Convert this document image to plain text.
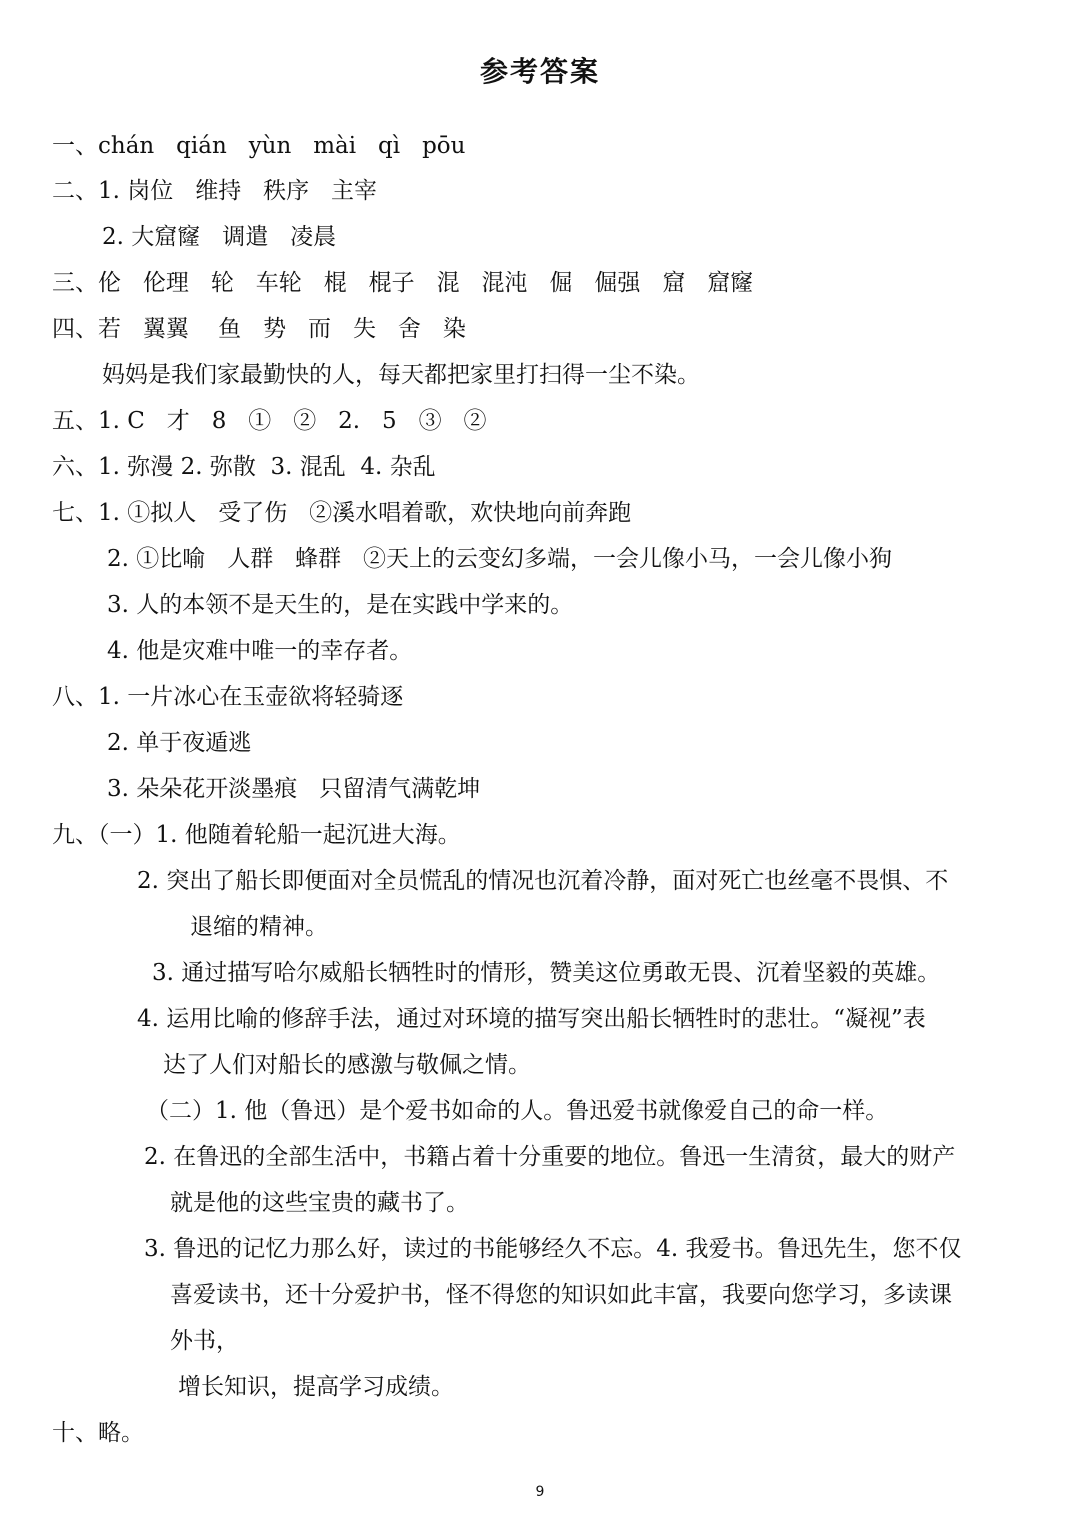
参考答案
一、chán   qián   yùn   mài   qì   pōu
二、1. 岗位   维持   秩序   主宰
2. 大窟窿   调遣   凌晨
三、伦   伦理   轮   车轮   棍   棍子   混   混沌   倔   倔强   窟   窟窿
四、若   翼翼    鱼   势   而   失   舍   染
妈妈是我们家最勤快的人，每天都把家里打扫得一尘不染。
五、1. C   才   8   ①   ②   2.   5   ③   ②
六、1. 弥漫 2. 弥散  3. 混乱  4. 杂乱
七、1. ①拟人   受了伤   ②溪水唱着歌，欢快地向前奔跑
2. ①比喻   人群   蜂群   ②天上的云变幻多端，一会儿像小马，一会儿像小狗
3. 人的本领不是天生的，是在实践中学来的。
4. 他是灾难中唯一的幸存者。
八、1. 一片冰心在玉壶欲将轻骑逐
2. 单于夜遁逃
3. 朵朵花开淡墨痕   只留清气满乾坤
九、（一）1. 他随着轮船一起沉进大海。
2. 突出了船长即便面对全员慌乱的情况也沉着冷静，面对死亡也丝毫不畏惧、不
退缩的精神。
3. 通过描写哈尔威船长牺牲时的情形，赞美这位勇敢无畏、沉着坚毅的英雄。
4. 运用比喻的修辞手法，通过对环境的描写突出船长牺牲时的悲壮。“凝视”表
达了人们对船长的感激与敬佩之情。
（二）1. 他（鲁迅）是个爱书如命的人。鲁迅爱书就像爱自己的命一样。
2. 在鲁迅的全部生活中，书籍占着十分重要的地位。鲁迅一生清贫，最大的财产
就是他的这些宝贵的藏书了。
3. 鲁迅的记忆力那么好，读过的书能够经久不忘。4. 我爱书。鲁迅先生，您不仅
喜爱读书，还十分爱护书，怪不得您的知识如此丰富，我要向您学习，多读课
外书，
增长知识，提高学习成绩。
十、略。
9
